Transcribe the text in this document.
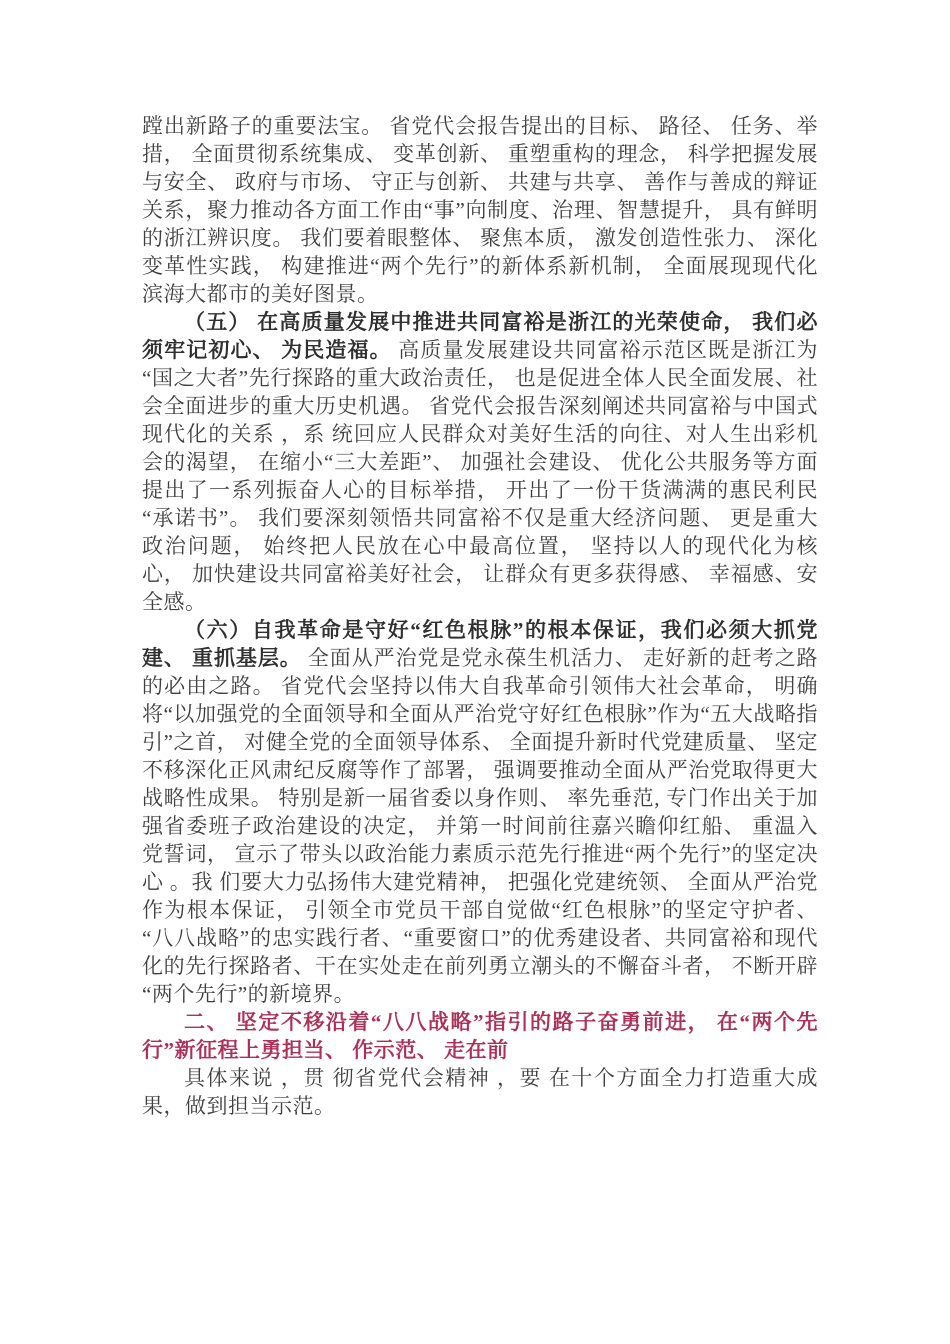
蹚出新路子的重要法宝。 省党代会报告提出的目标、 路径、 任务、举措， 全面贯彻系统集成、 变革创新、 重塑重构的理念， 科学把握发展与安全、 政府与市场、 守正与创新、 共建与共享、 善作与善成的辩证关系，聚力推动各方面工作由“事”向制度、治理、智慧提升， 具有鲜明的浙江辨识度。 我们要着眼整体、 聚焦本质， 激发创造性张力、 深化变革性实践， 构建推进“两个先行”的新体系新机制， 全面展现现代化滨海大都市的美好图景。

（五） 在高质量发展中推进共同富裕是浙江的光荣使命， 我们必须牢记初心、 为民造福。 高质量发展建设共同富裕示范区既是浙江为“国之大者”先行探路的重大政治责任， 也是促进全体人民全面发展、社会全面进步的重大历史机遇。 省党代会报告深刻阐述共同富裕与中国式现代化的关系 ，系 统回应人民群众对美好生活的向往、对人生出彩机会的渴望， 在缩小“三大差距”、 加强社会建设、 优化公共服务等方面提出了一系列振奋人心的目标举措， 开出了一份干货满满的惠民利民“承诺书”。 我们要深刻领悟共同富裕不仅是重大经济问题、 更是重大政治问题， 始终把人民放在心中最高位置， 坚持以人的现代化为核心， 加快建设共同富裕美好社会， 让群众有更多获得感、 幸福感、安全感。

（六）自我革命是守好“红色根脉”的根本保证，我们必须大抓党建、 重抓基层。 全面从严治党是党永葆生机活力、 走好新的赶考之路的必由之路。 省党代会坚持以伟大自我革命引领伟大社会革命， 明确将“以加强党的全面领导和全面从严治党守好红色根脉”作为“五大战略指引”之首， 对健全党的全面领导体系、 全面提升新时代党建质量、 坚定不移深化正风肃纪反腐等作了部署， 强调要推动全面从严治党取得更大战略性成果。 特别是新一届省委以身作则、 率先垂范, 专门作出关于加强省委班子政治建设的决定， 并第一时间前往嘉兴瞻仰红船、 重温入党誓词， 宣示了带头以政治能力素质示范先行推进“两个先行”的坚定决心 。我 们要大力弘扬伟大建党精神， 把强化党建统领、 全面从严治党作为根本保证， 引领全市党员干部自觉做“红色根脉”的坚定守护者、“八八战略”的忠实践行者、“重要窗口”的优秀建设者、共同富裕和现代化的先行探路者、干在实处走在前列勇立潮头的不懈奋斗者， 不断开辟“两个先行”的新境界。

二、 坚定不移沿着“八八战略”指引的路子奋勇前进， 在“两个先行”新征程上勇担当、 作示范、 走在前

具体来说 ，贯 彻省党代会精神 ，要 在十个方面全力打造重大成果，做到担当示范。
